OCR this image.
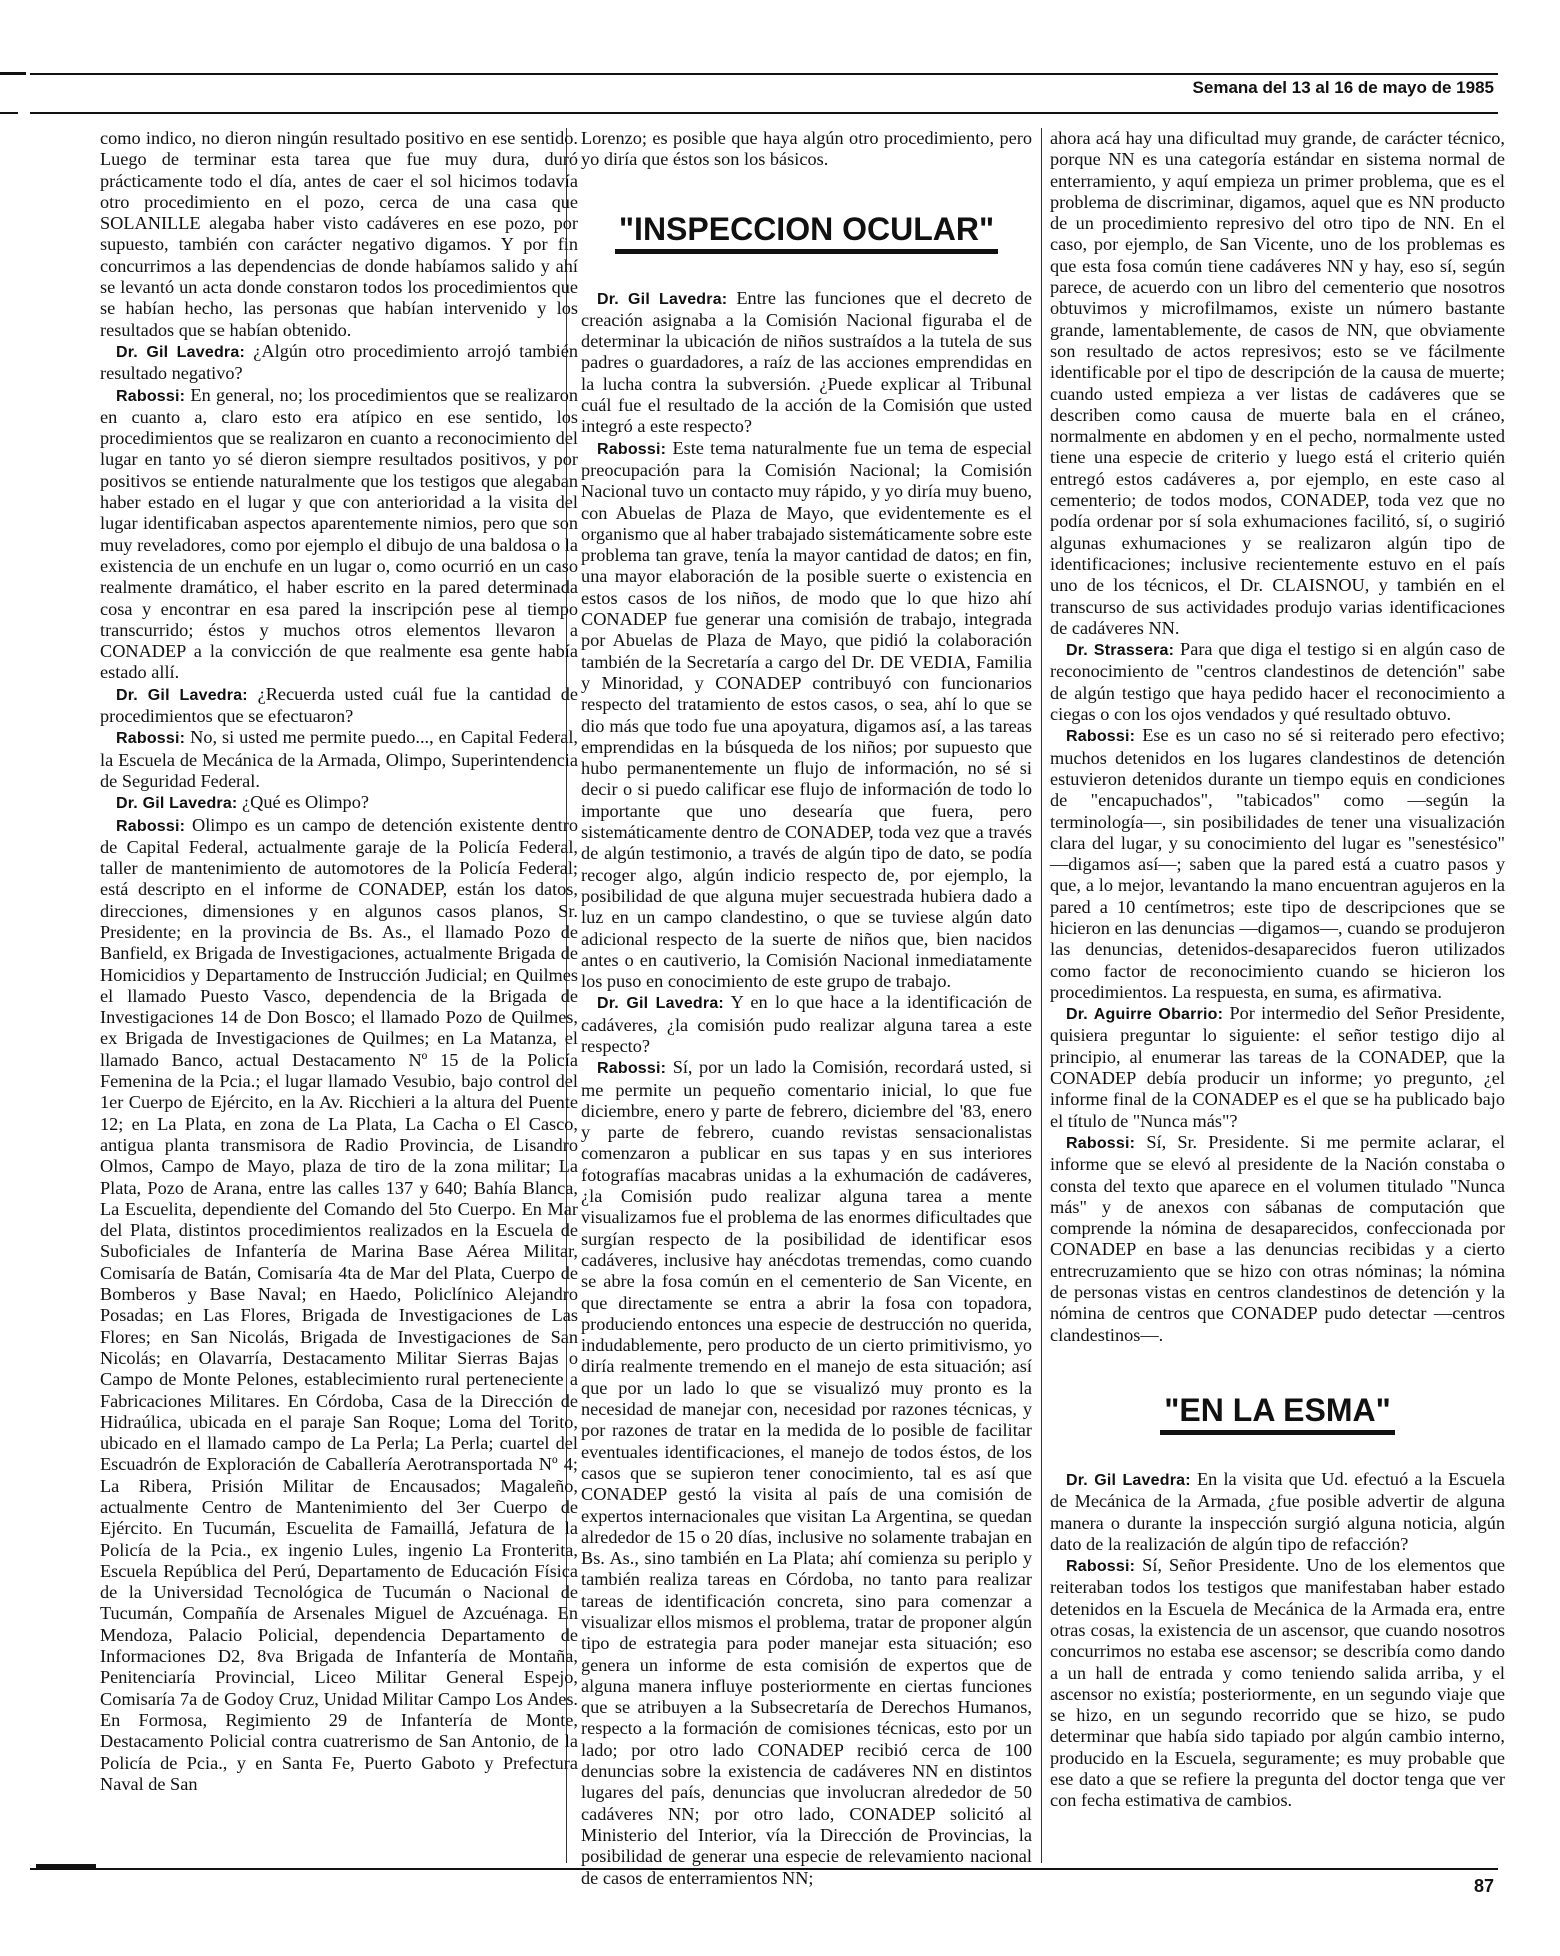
Semana del 13 al 16 de mayo de 1985

como indico, no dieron ningún resultado positivo en ese sentido. Luego de terminar esta tarea que fue muy dura, duró prácticamente todo el día, antes de caer el sol hicimos todavía otro procedimiento en el pozo, cerca de una casa que SOLANILLE alegaba haber visto cadáveres en ese pozo, por supuesto, también con carácter negativo digamos. Y por fin concurrimos a las dependencias de donde habíamos salido y ahí se levantó un acta donde constaron todos los procedimientos que se habían hecho, las personas que habían intervenido y los resultados que se habían obtenido.

Dr. Gil Lavedra: ¿Algún otro procedimiento arrojó también resultado negativo?

Rabossi: En general, no; los procedimientos que se realizaron en cuanto a, claro esto era atípico en ese sentido, los procedimientos que se realizaron en cuanto a reconocimiento del lugar en tanto yo sé dieron siempre resultados positivos, y por positivos se entiende naturalmente que los testigos que alegaban haber estado en el lugar y que con anterioridad a la visita del lugar identificaban aspectos aparentemente nimios, pero que son muy reveladores, como por ejemplo el dibujo de una baldosa o la existencia de un enchufe en un lugar o, como ocurrió en un caso realmente dramático, el haber escrito en la pared determinada cosa y encontrar en esa pared la inscripción pese al tiempo transcurrido; éstos y muchos otros elementos llevaron a CONADEP a la convicción de que realmente esa gente había estado allí.

Dr. Gil Lavedra: ¿Recuerda usted cuál fue la cantidad de procedimientos que se efectuaron?

Rabossi: No, si usted me permite puedo..., en Capital Federal, la Escuela de Mecánica de la Armada, Olimpo, Superintendencia de Seguridad Federal.

Dr. Gil Lavedra: ¿Qué es Olimpo?

Rabossi: Olimpo es un campo de detención existente dentro de Capital Federal, actualmente garaje de la Policía Federal, taller de mantenimiento de automotores de la Policía Federal; está descripto en el informe de CONADEP, están los datos, direcciones, dimensiones y en algunos casos planos, Sr. Presidente; en la provincia de Bs. As., el llamado Pozo de Banfield, ex Brigada de Investigaciones, actualmente Brigada de Homicidios y Departamento de Instrucción Judicial; en Quilmes el llamado Puesto Vasco, dependencia de la Brigada de Investigaciones 14 de Don Bosco; el llamado Pozo de Quilmes, ex Brigada de Investigaciones de Quilmes; en La Matanza, el llamado Banco, actual Destacamento Nº 15 de la Policía Femenina de la Pcia.; el lugar llamado Vesubio, bajo control del 1er Cuerpo de Ejército, en la Av. Ricchieri a la altura del Puente 12; en La Plata, en zona de La Plata, La Cacha o El Casco, antigua planta transmisora de Radio Provincia, de Lisandro Olmos, Campo de Mayo, plaza de tiro de la zona militar; La Plata, Pozo de Arana, entre las calles 137 y 640; Bahía Blanca, La Escuelita, dependiente del Comando del 5to Cuerpo. En Mar del Plata, distintos procedimientos realizados en la Escuela de Suboficiales de Infantería de Marina Base Aérea Militar, Comisaría de Batán, Comisaría 4ta de Mar del Plata, Cuerpo de Bomberos y Base Naval; en Haedo, Policlínico Alejandro Posadas; en Las Flores, Brigada de Investigaciones de Las Flores; en San Nicolás, Brigada de Investigaciones de San Nicolás; en Olavarría, Destacamento Militar Sierras Bajas o Campo de Monte Pelones, establecimiento rural perteneciente a Fabricaciones Militares. En Córdoba, Casa de la Dirección de Hidraúlica, ubicada en el paraje San Roque; Loma del Torito, ubicado en el llamado campo de La Perla; La Perla; cuartel del Escuadrón de Exploración de Caballería Aerotransportada Nº 4; La Ribera, Prisión Militar de Encausados; Magaleño, actualmente Centro de Mantenimiento del 3er Cuerpo de Ejército. En Tucumán, Escuelita de Famaillá, Jefatura de la Policía de la Pcia., ex ingenio Lules, ingenio La Fronterita, Escuela República del Perú, Departamento de Educación Física de la Universidad Tecnológica de Tucumán o Nacional de Tucumán, Compañía de Arsenales Miguel de Azcuénaga. En Mendoza, Palacio Policial, dependencia Departamento de Informaciones D2, 8va Brigada de Infantería de Montaña, Penitenciaría Provincial, Liceo Militar General Espejo, Comisaría 7a de Godoy Cruz, Unidad Militar Campo Los Andes. En Formosa, Regimiento 29 de Infantería de Monte, Destacamento Policial contra cuatrerismo de San Antonio, de la Policía de Pcia., y en Santa Fe, Puerto Gaboto y Prefectura Naval de San

Lorenzo; es posible que haya algún otro procedimiento, pero yo diría que éstos son los básicos.

"INSPECCION OCULAR"

Dr. Gil Lavedra: Entre las funciones que el decreto de creación asignaba a la Comisión Nacional figuraba el de determinar la ubicación de niños sustraídos a la tutela de sus padres o guardadores, a raíz de las acciones emprendidas en la lucha contra la subversión. ¿Puede explicar al Tribunal cuál fue el resultado de la acción de la Comisión que usted integró a este respecto?

Rabossi: Este tema naturalmente fue un tema de especial preocupación para la Comisión Nacional; la Comisión Nacional tuvo un contacto muy rápido, y yo diría muy bueno, con Abuelas de Plaza de Mayo, que evidentemente es el organismo que al haber trabajado sistemáticamente sobre este problema tan grave, tenía la mayor cantidad de datos; en fin, una mayor elaboración de la posible suerte o existencia en estos casos de los niños, de modo que lo que hizo ahí CONADEP fue generar una comisión de trabajo, integrada por Abuelas de Plaza de Mayo, que pidió la colaboración también de la Secretaría a cargo del Dr. DE VEDIA, Familia y Minoridad, y CONADEP contribuyó con funcionarios respecto del tratamiento de estos casos, o sea, ahí lo que se dio más que todo fue una apoyatura, digamos así, a las tareas emprendidas en la búsqueda de los niños; por supuesto que hubo permanentemente un flujo de información, no sé si decir o si puedo calificar ese flujo de información de todo lo importante que uno desearía que fuera, pero sistemáticamente dentro de CONADEP, toda vez que a través de algún testimonio, a través de algún tipo de dato, se podía recoger algo, algún indicio respecto de, por ejemplo, la posibilidad de que alguna mujer secuestrada hubiera dado a luz en un campo clandestino, o que se tuviese algún dato adicional respecto de la suerte de niños que, bien nacidos antes o en cautiverio, la Comisión Nacional inmediatamente los puso en conocimiento de este grupo de trabajo.

Dr. Gil Lavedra: Y en lo que hace a la identificación de cadáveres, ¿la comisión pudo realizar alguna tarea a este respecto?

Rabossi: Sí, por un lado la Comisión, recordará usted, si me permite un pequeño comentario inicial, lo que fue diciembre, enero y parte de febrero, diciembre del '83, enero y parte de febrero, cuando revistas sensacionalistas comenzaron a publicar en sus tapas y en sus interiores fotografías macabras unidas a la exhumación de cadáveres, ¿la Comisión pudo realizar alguna tarea a mente visualizamos fue el problema de las enormes dificultades que surgían respecto de la posibilidad de identificar esos cadáveres, inclusive hay anécdotas tremendas, como cuando se abre la fosa común en el cementerio de San Vicente, en que directamente se entra a abrir la fosa con topadora, produciendo entonces una especie de destrucción no querida, indudablemente, pero producto de un cierto primitivismo, yo diría realmente tremendo en el manejo de esta situación; así que por un lado lo que se visualizó muy pronto es la necesidad de manejar con, necesidad por razones técnicas, y por razones de tratar en la medida de lo posible de facilitar eventuales identificaciones, el manejo de todos éstos, de los casos que se supieron tener conocimiento, tal es así que CONADEP gestó la visita al país de una comisión de expertos internacionales que visitan La Argentina, se quedan alrededor de 15 o 20 días, inclusive no solamente trabajan en Bs. As., sino también en La Plata; ahí comienza su periplo y también realiza tareas en Córdoba, no tanto para realizar tareas de identificación concreta, sino para comenzar a visualizar ellos mismos el problema, tratar de proponer algún tipo de estrategia para poder manejar esta situación; eso genera un informe de esta comisión de expertos que de alguna manera influye posteriormente en ciertas funciones que se atribuyen a la Subsecretaría de Derechos Humanos, respecto a la formación de comisiones técnicas, esto por un lado; por otro lado CONADEP recibió cerca de 100 denuncias sobre la existencia de cadáveres NN en distintos lugares del país, denuncias que involucran alrededor de 50 cadáveres NN; por otro lado, CONADEP solicitó al Ministerio del Interior, vía la Dirección de Provincias, la posibilidad de generar una especie de relevamiento nacional de casos de enterramientos NN;

ahora acá hay una dificultad muy grande, de carácter técnico, porque NN es una categoría estándar en sistema normal de enterramiento, y aquí empieza un primer problema, que es el problema de discriminar, digamos, aquel que es NN producto de un procedimiento represivo del otro tipo de NN. En el caso, por ejemplo, de San Vicente, uno de los problemas es que esta fosa común tiene cadáveres NN y hay, eso sí, según parece, de acuerdo con un libro del cementerio que nosotros obtuvimos y microfilmamos, existe un número bastante grande, lamentablemente, de casos de NN, que obviamente son resultado de actos represivos; esto se ve fácilmente identificable por el tipo de descripción de la causa de muerte; cuando usted empieza a ver listas de cadáveres que se describen como causa de muerte bala en el cráneo, normalmente en abdomen y en el pecho, normalmente usted tiene una especie de criterio y luego está el criterio quién entregó estos cadáveres a, por ejemplo, en este caso al cementerio; de todos modos, CONADEP, toda vez que no podía ordenar por sí sola exhumaciones facilitó, sí, o sugirió algunas exhumaciones y se realizaron algún tipo de identificaciones; inclusive recientemente estuvo en el país uno de los técnicos, el Dr. CLAISNOU, y también en el transcurso de sus actividades produjo varias identificaciones de cadáveres NN.

Dr. Strassera: Para que diga el testigo si en algún caso de reconocimiento de "centros clandestinos de detención" sabe de algún testigo que haya pedido hacer el reconocimiento a ciegas o con los ojos vendados y qué resultado obtuvo.

Rabossi: Ese es un caso no sé si reiterado pero efectivo; muchos detenidos en los lugares clandestinos de detención estuvieron detenidos durante un tiempo equis en condiciones de "encapuchados", "tabicados" como —según la terminología—, sin posibilidades de tener una visualización clara del lugar, y su conocimiento del lugar es "senestésico" —digamos así—; saben que la pared está a cuatro pasos y que, a lo mejor, levantando la mano encuentran agujeros en la pared a 10 centímetros; este tipo de descripciones que se hicieron en las denuncias —digamos—, cuando se produjeron las denuncias, detenidos-desaparecidos fueron utilizados como factor de reconocimiento cuando se hicieron los procedimientos. La respuesta, en suma, es afirmativa.

Dr. Aguirre Obarrio: Por intermedio del Señor Presidente, quisiera preguntar lo siguiente: el señor testigo dijo al principio, al enumerar las tareas de la CONADEP, que la CONADEP debía producir un informe; yo pregunto, ¿el informe final de la CONADEP es el que se ha publicado bajo el título de "Nunca más"?

Rabossi: Sí, Sr. Presidente. Si me permite aclarar, el informe que se elevó al presidente de la Nación constaba o consta del texto que aparece en el volumen titulado "Nunca más" y de anexos con sábanas de computación que comprende la nómina de desaparecidos, confeccionada por CONADEP en base a las denuncias recibidas y a cierto entrecruzamiento que se hizo con otras nóminas; la nómina de personas vistas en centros clandestinos de detención y la nómina de centros que CONADEP pudo detectar —centros clandestinos—.

"EN LA ESMA"

Dr. Gil Lavedra: En la visita que Ud. efectuó a la Escuela de Mecánica de la Armada, ¿fue posible advertir de alguna manera o durante la inspección surgió alguna noticia, algún dato de la realización de algún tipo de refacción?

Rabossi: Sí, Señor Presidente. Uno de los elementos que reiteraban todos los testigos que manifestaban haber estado detenidos en la Escuela de Mecánica de la Armada era, entre otras cosas, la existencia de un ascensor, que cuando nosotros concurrimos no estaba ese ascensor; se describía como dando a un hall de entrada y como teniendo salida arriba, y el ascensor no existía; posteriormente, en un segundo viaje que se hizo, en un segundo recorrido que se hizo, se pudo determinar que había sido tapiado por algún cambio interno, producido en la Escuela, seguramente; es muy probable que ese dato a que se refiere la pregunta del doctor tenga que ver con fecha estimativa de cambios.

87
